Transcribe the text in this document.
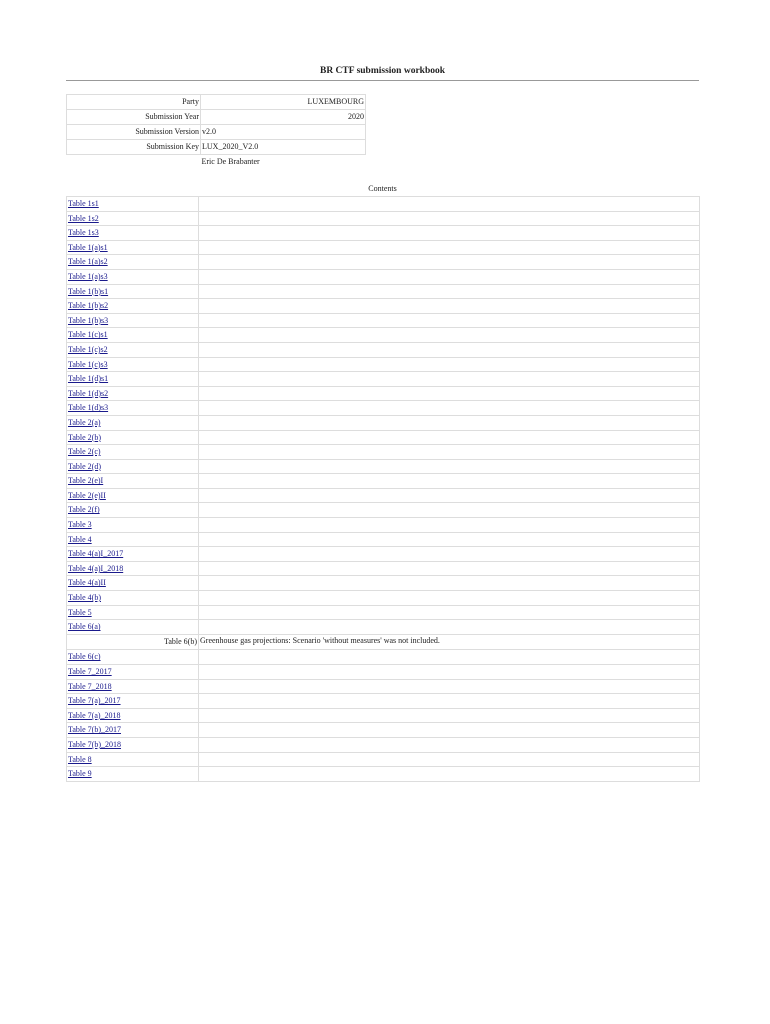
BR CTF submission workbook
Party	LUXEMBOURG
Submission Year	2020
Submission Version	v2.0
Submission Key	LUX_2020_V2.0
	Eric De Brabanter
Contents
Table 1s1	
Table 1s2	
Table 1s3	
Table 1(a)s1	
Table 1(a)s2	
Table 1(a)s3	
Table 1(b)s1	
Table 1(b)s2	
Table 1(b)s3	
Table 1(c)s1	
Table 1(c)s2	
Table 1(c)s3	
Table 1(d)s1	
Table 1(d)s2	
Table 1(d)s3	
Table 2(a)	
Table 2(b)	
Table 2(c)	
Table 2(d)	
Table 2(e)I	
Table 2(e)II	
Table 2(f)	
Table 3	
Table 4	
Table 4(a)I_2017	
Table 4(a)I_2018	
Table 4(a)II	
Table 4(b)	
Table 5	
Table 6(a)	
Table 6(b)	Greenhouse gas projections: Scenario 'without measures' was not included.
Table 6(c)	
Table 7_2017	
Table 7_2018	
Table 7(a)_2017	
Table 7(a)_2018	
Table 7(b)_2017	
Table 7(b)_2018	
Table 8	
Table 9	
